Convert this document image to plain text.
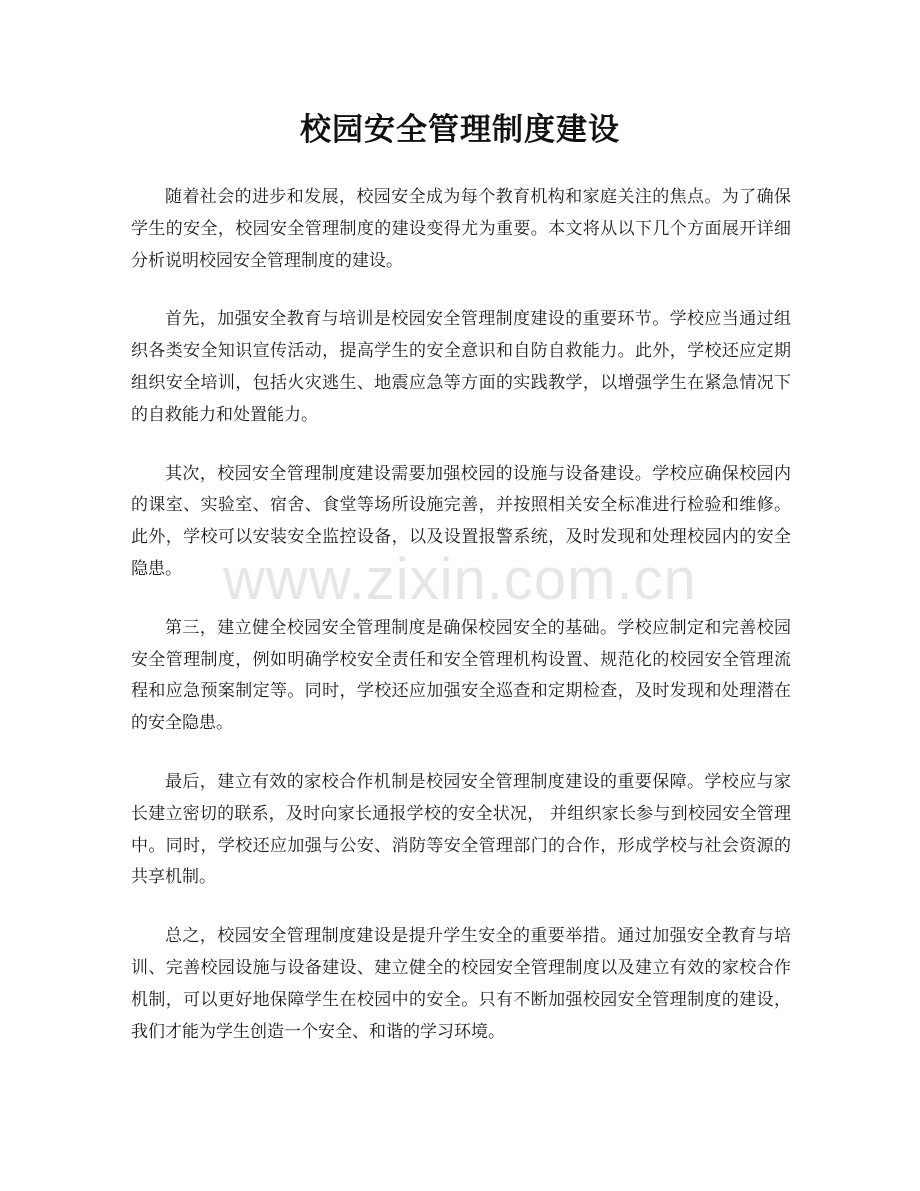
校园安全管理制度建设

随着社会的进步和发展，校园安全成为每个教育机构和家庭关注的焦点。为了确保学生的安全，校园安全管理制度的建设变得尤为重要。本文将从以下几个方面展开详细分析说明校园安全管理制度的建设。

首先，加强安全教育与培训是校园安全管理制度建设的重要环节。学校应当通过组织各类安全知识宣传活动，提高学生的安全意识和自防自救能力。此外，学校还应定期组织安全培训，包括火灾逃生、地震应急等方面的实践教学，以增强学生在紧急情况下的自救能力和处置能力。

其次，校园安全管理制度建设需要加强校园的设施与设备建设。学校应确保校园内的课室、实验室、宿舍、食堂等场所设施完善，并按照相关安全标准进行检验和维修。此外，学校可以安装安全监控设备，以及设置报警系统，及时发现和处理校园内的安全隐患。

第三，建立健全校园安全管理制度是确保校园安全的基础。学校应制定和完善校园安全管理制度，例如明确学校安全责任和安全管理机构设置、规范化的校园安全管理流程和应急预案制定等。同时，学校还应加强安全巡查和定期检查，及时发现和处理潜在的安全隐患。

最后，建立有效的家校合作机制是校园安全管理制度建设的重要保障。学校应与家长建立密切的联系，及时向家长通报学校的安全状况， 并组织家长参与到校园安全管理中。同时，学校还应加强与公安、消防等安全管理部门的合作，形成学校与社会资源的共享机制。

总之，校园安全管理制度建设是提升学生安全的重要举措。通过加强安全教育与培训、完善校园设施与设备建设、建立健全的校园安全管理制度以及建立有效的家校合作机制，可以更好地保障学生在校园中的安全。只有不断加强校园安全管理制度的建设，我们才能为学生创造一个安全、和谐的学习环境。

www.zixin.com.cn
